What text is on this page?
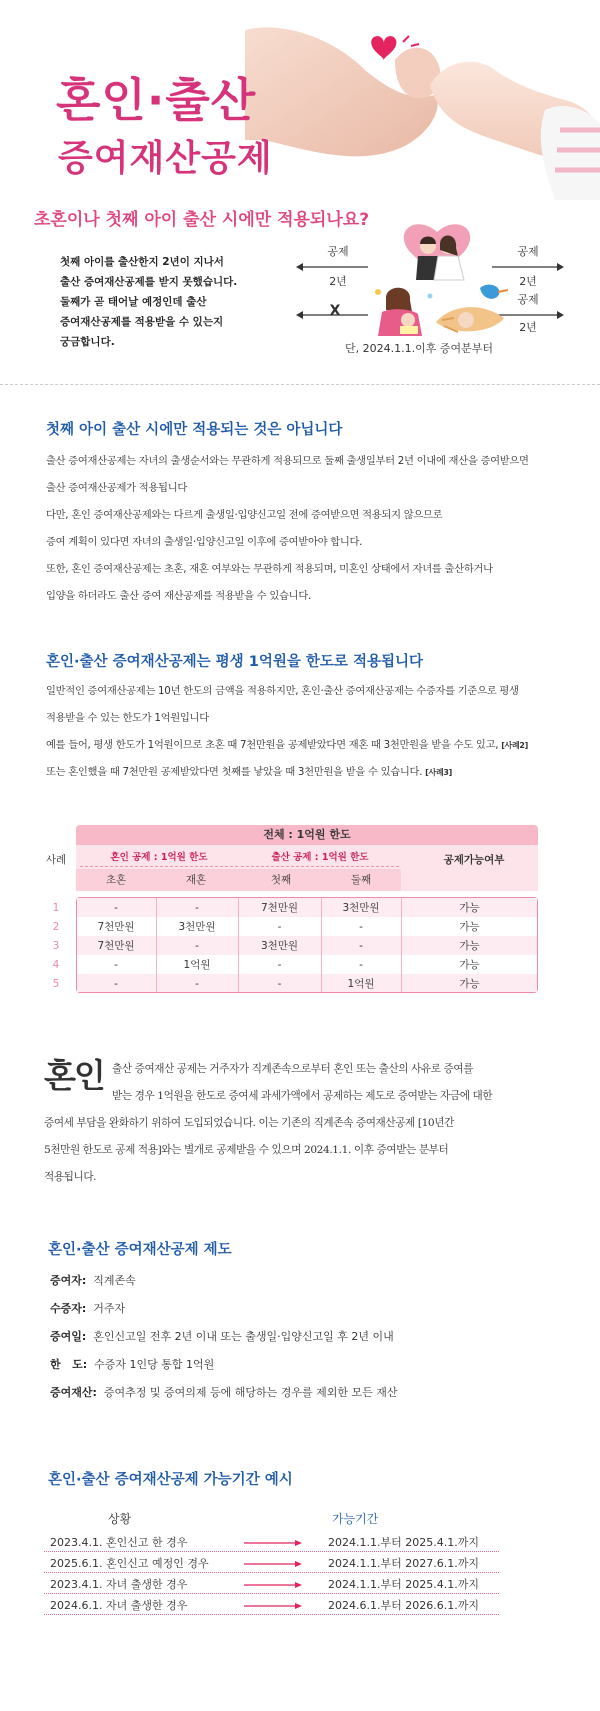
혼인·출산
증여재산공제
초혼이나 첫째 아이 출산 시에만 적용되나요?
첫째 아이를 출산한지 2년이 지나서
출산 증여재산공제를 받지 못했습니다.
둘째가 곧 태어날 예정인데 출산
증여재산공제를 적용받을 수 있는지
궁금합니다.
공제
2년
X
공제
2년
공제
2년
단, 2024.1.1.이후 증여분부터
첫째 아이 출산 시에만 적용되는 것은 아닙니다
출산 증여재산공제는 자녀의 출생순서와는 무관하게 적용되므로 둘째 출생일부터 2년 이내에 재산을 증여받으면
출산 증여재산공제가 적용됩니다
다만, 혼인 증여재산공제와는 다르게 출생일·입양신고일 전에 증여받으면 적용되지 않으므로
증여 계획이 있다면 자녀의 출생일·입양신고일 이후에 증여받아야 합니다.
또한, 혼인 증여재산공제는 초혼, 재혼 여부와는 무관하게 적용되며, 미혼인 상태에서 자녀를 출산하거나
입양을 하더라도 출산 증여 재산공제를 적용받을 수 있습니다.
혼인·출산 증여재산공제는 평생 1억원을 한도로 적용됩니다
일반적인 증여재산공제는 10년 한도의 금액을 적용하지만, 혼인·출산 증여재산공제는 수증자를 기준으로 평생
적용받을 수 있는 한도가 1억원입니다
예를 들어, 평생 한도가 1억원이므로 초혼 때 7천만원을 공제받았다면 재혼 때 3천만원을 받을 수도 있고, [사례2]
또는 혼인했을 때 7천만원 공제받았다면 첫째를 낳았을 때 3천만원을 받을 수 있습니다. [사례3]
전체 : 1억원 한도
사례	혼인 공제 : 1억원 한도	출산 공제 : 1억원 한도	공제가능여부
초혼	재혼	첫째	둘째
1	-	-	7천만원	3천만원	가능
2	7천만원	3천만원	-	-	가능
3	7천만원	-	3천만원	-	가능
4	-	1억원	-	-	가능
5	-	-	-	1억원	가능
혼인 출산 증여재산 공제는 거주자가 직계존속으로부터 혼인 또는 출산의 사유로 증여를
받는 경우 1억원을 한도로 증여세 과세가액에서 공제하는 제도로 증여받는 자금에 대한
증여세 부담을 완화하기 위하여 도입되었습니다. 이는 기존의 직계존속 증여재산공제 [10년간
5천만원 한도로 공제 적용]와는 별개로 공제받을 수 있으며 2024.1.1. 이후 증여받는 분부터
적용됩니다.
혼인·출산 증여재산공제 제도
증여자: 직계존속
수증자: 거주자
증여일: 혼인신고일 전후 2년 이내 또는 출생일·입양신고일 후 2년 이내
한   도: 수증자 1인당 통합 1억원
증여재산: 증여추정 및 증여의제 등에 해당하는 경우를 제외한 모든 재산
혼인·출산 증여재산공제 가능기간 예시
상황	가능기간
2023.4.1. 혼인신고 한 경우	2024.1.1.부터 2025.4.1.까지
2025.6.1. 혼인신고 예정인 경우	2024.1.1.부터 2027.6.1.까지
2023.4.1. 자녀 출생한 경우	2024.1.1.부터 2025.4.1.까지
2024.6.1. 자녀 출생한 경우	2024.6.1.부터 2026.6.1.까지
